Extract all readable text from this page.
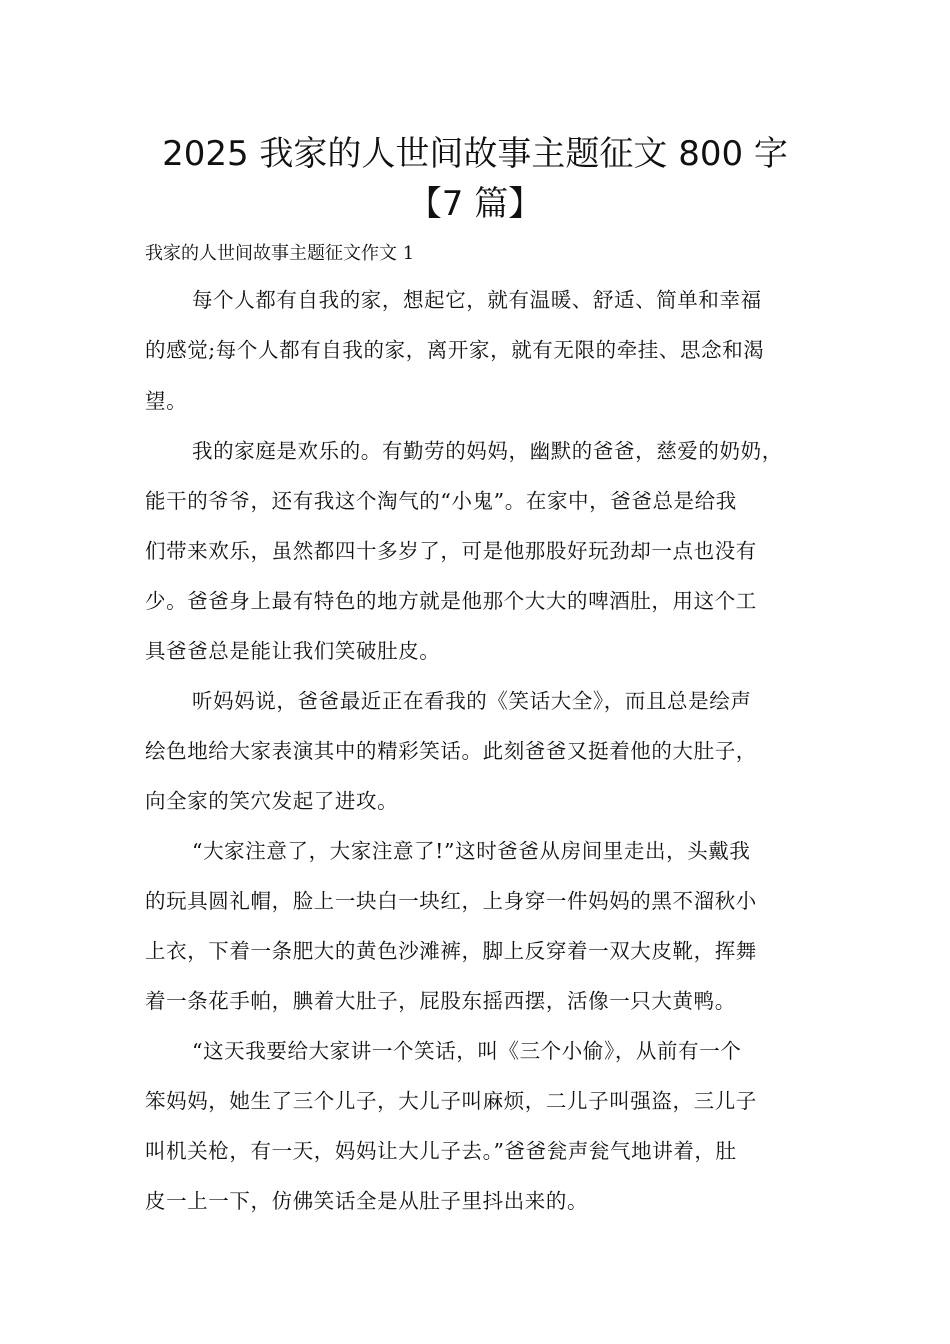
2025 我家的人世间故事主题征文 800 字
【7 篇】
我家的人世间故事主题征文作文 1
每个人都有自我的家，想起它，就有温暖、舒适、简单和幸福
的感觉;每个人都有自我的家，离开家，就有无限的牵挂、思念和渴
望。
我的家庭是欢乐的。有勤劳的妈妈，幽默的爸爸，慈爱的奶奶，
能干的爷爷，还有我这个淘气的“小鬼”。在家中，爸爸总是给我
们带来欢乐，虽然都四十多岁了，可是他那股好玩劲却一点也没有
少。爸爸身上最有特色的地方就是他那个大大的啤酒肚，用这个工
具爸爸总是能让我们笑破肚皮。
听妈妈说，爸爸最近正在看我的《笑话大全》，而且总是绘声
绘色地给大家表演其中的精彩笑话。此刻爸爸又挺着他的大肚子，
向全家的笑穴发起了进攻。
“大家注意了，大家注意了!”这时爸爸从房间里走出，头戴我
的玩具圆礼帽，脸上一块白一块红，上身穿一件妈妈的黑不溜秋小
上衣，下着一条肥大的黄色沙滩裤，脚上反穿着一双大皮靴，挥舞
着一条花手帕，腆着大肚子，屁股东摇西摆，活像一只大黄鸭。
“这天我要给大家讲一个笑话，叫《三个小偷》，从前有一个
笨妈妈，她生了三个儿子，大儿子叫麻烦，二儿子叫强盗，三儿子
叫机关枪，有一天，妈妈让大儿子去。”爸爸瓮声瓮气地讲着，肚
皮一上一下，仿佛笑话全是从肚子里抖出来的。
